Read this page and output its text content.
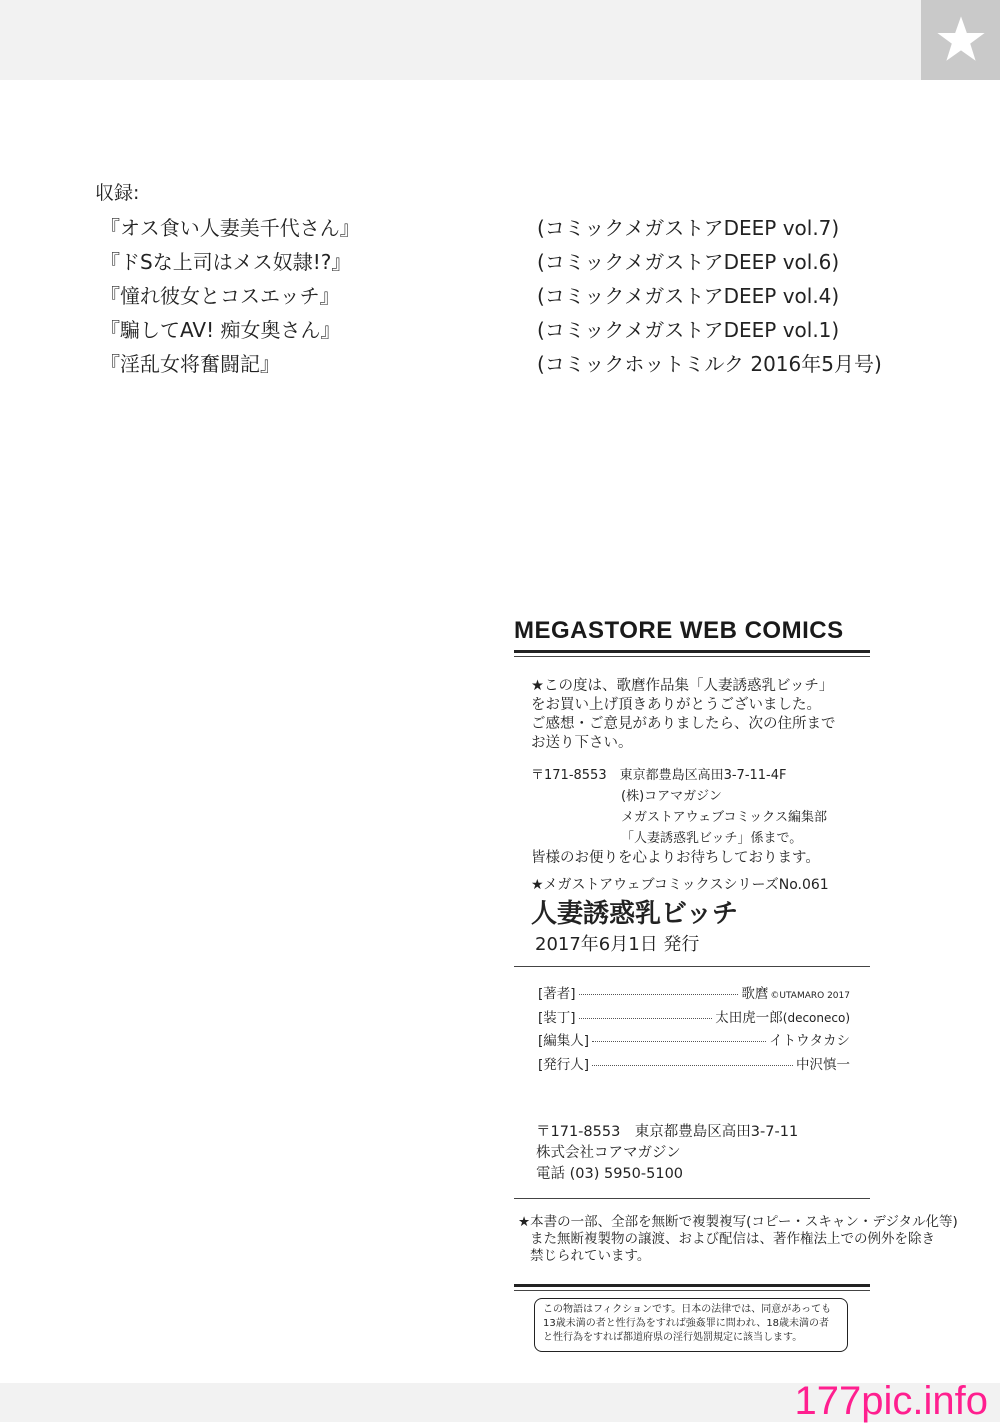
収録:
『オス食い人妻美千代さん』	(コミックメガストアDEEP vol.7)
『ドSな上司はメス奴隷!?』	(コミックメガストアDEEP vol.6)
『憧れ彼女とコスエッチ』	(コミックメガストアDEEP vol.4)
『騙してAV! 痴女奥さん』	(コミックメガストアDEEP vol.1)
『淫乱女将奮闘記』	(コミックホットミルク 2016年5月号)
MEGASTORE WEB COMICS
★この度は、歌麿作品集「人妻誘惑乳ビッチ」
をお買い上げ頂きありがとうございました。
ご感想・ご意見がありましたら、次の住所まで
お送り下さい。
〒171-8553　東京都豊島区高田3-7-11-4F
(株)コアマガジン
メガストアウェブコミックス編集部
「人妻誘惑乳ビッチ」係まで。
皆様のお便りを心よりお待ちしております。
★メガストアウェブコミックスシリーズNo.061
人妻誘惑乳ビッチ
2017年6月1日 発行
[著者]	歌麿 ©UTAMARO 2017
[装丁]	太田虎一郎(deconeco)
[編集人]	イトウタカシ
[発行人]	中沢慎一
〒171-8553　東京都豊島区高田3-7-11
株式会社コアマガジン
電話 (03) 5950-5100
★本書の一部、全部を無断で複製複写(コピー・スキャン・デジタル化等)
また無断複製物の譲渡、および配信は、著作権法上での例外を除き
禁じられています。
この物語はフィクションです。日本の法律では、同意があっても
13歳未満の者と性行為をすれば強姦罪に問われ、18歳未満の者
と性行為をすれば都道府県の淫行処罰規定に該当します。
177pic.info
